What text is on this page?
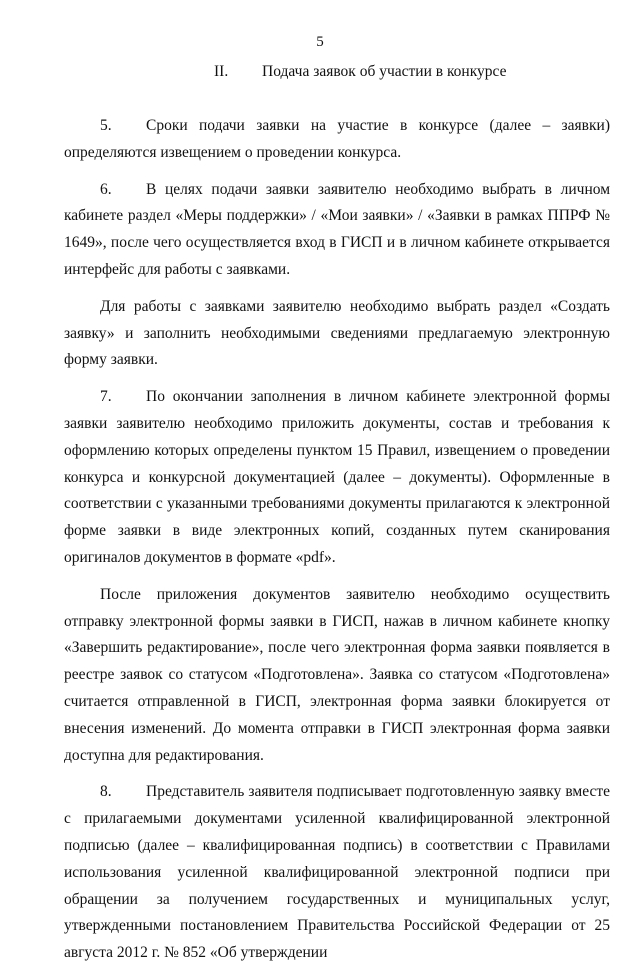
5
II. Подача заявок об участии в конкурсе

5. Сроки подачи заявки на участие в конкурсе (далее – заявки) определяются извещением о проведении конкурса.

6. В целях подачи заявки заявителю необходимо выбрать в личном кабинете раздел «Меры поддержки» / «Мои заявки» / «Заявки в рамках ППРФ № 1649», после чего осуществляется вход в ГИСП и в личном кабинете открывается интерфейс для работы с заявками.

Для работы с заявками заявителю необходимо выбрать раздел «Создать заявку» и заполнить необходимыми сведениями предлагаемую электронную форму заявки.

7. По окончании заполнения в личном кабинете электронной формы заявки заявителю необходимо приложить документы, состав и требования к оформлению которых определены пунктом 15 Правил, извещением о проведении конкурса и конкурсной документацией (далее – документы). Оформленные в соответствии с указанными требованиями документы прилагаются к электронной форме заявки в виде электронных копий, созданных путем сканирования оригиналов документов в формате «pdf».

После приложения документов заявителю необходимо осуществить отправку электронной формы заявки в ГИСП, нажав в личном кабинете кнопку «Завершить редактирование», после чего электронная форма заявки появляется в реестре заявок со статусом «Подготовлена». Заявка со статусом «Подготовлена» считается отправленной в ГИСП, электронная форма заявки блокируется от внесения изменений. До момента отправки в ГИСП электронная форма заявки доступна для редактирования.

8. Представитель заявителя подписывает подготовленную заявку вместе с прилагаемыми документами усиленной квалифицированной электронной подписью (далее – квалифицированная подпись) в соответствии с Правилами использования усиленной квалифицированной электронной подписи при обращении за получением государственных и муниципальных услуг, утвержденными постановлением Правительства Российской Федерации от 25 августа 2012 г. № 852 «Об утверждении
